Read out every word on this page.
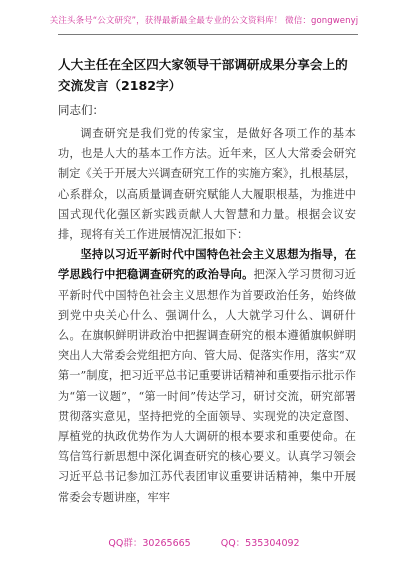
关注头条号“公文研究”，获得最新最全最专业的公文资料库！ 微信：gongwenyj
人大主任在全区四大家领导干部调研成果分享会上的交流发言（2182字）
同志们：

调查研究是我们党的传家宝，是做好各项工作的基本功，也是人大的基本工作方法。近年来，区人大常委会研究制定《关于开展大兴调查研究工作的实施方案》，扎根基层，心系群众，以高质量调查研究赋能人大履职根基，为推进中国式现代化强区新实践贡献人大智慧和力量。根据会议安排，现将有关工作进展情况汇报如下：

坚持以习近平新时代中国特色社会主义思想为指导，在学思践行中把稳调查研究的政治导向。把深入学习贯彻习近平新时代中国特色社会主义思想作为首要政治任务，始终做到党中央关心什么、强调什么，人大就学习什么、调研什么。在旗帜鲜明讲政治中把握调查研究的根本遵循旗帜鲜明突出人大常委会党组把方向、管大局、促落实作用，落实“双第一”制度，把习近平总书记重要讲话精神和重要指示批示作为“第一议题”，“第一时间”传达学习，研讨交流，研究部署贯彻落实意见，坚持把党的全面领导、实现党的决定意图、厚植党的执政优势作为人大调研的根本要求和重要使命。在笃信笃行新思想中深化调查研究的核心要义。认真学习领会习近平总书记参加江苏代表团审议重要讲话精神，集中开展常委会专题讲座，牢牢

QQ群：30265665	QQ：535304092
